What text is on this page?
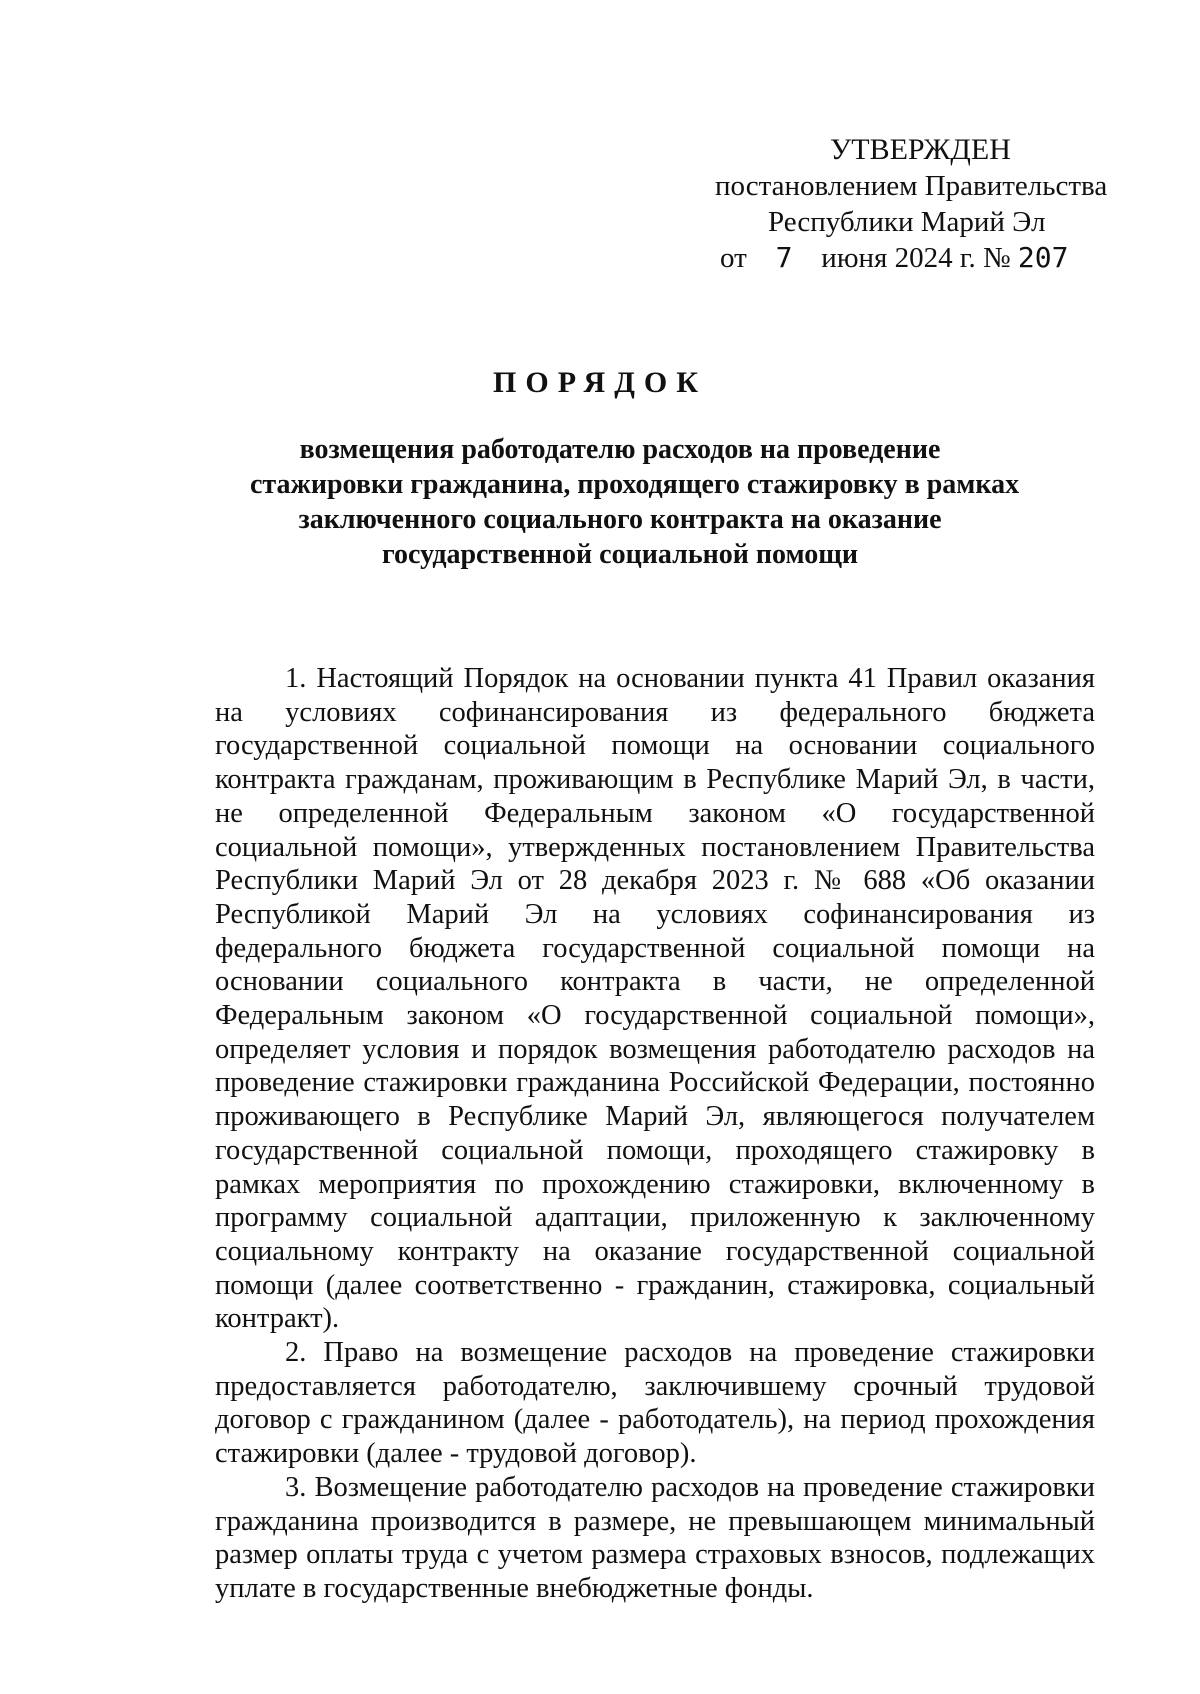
УТВЕРЖДЕН
постановлением Правительства
Республики Марий Эл
от 7 июня 2024 г. № 207
ПОРЯДОК
возмещения работодателю расходов на проведение
стажировки гражданина, проходящего стажировку в рамках
заключенного социального контракта на оказание
государственной социальной помощи

1. Настоящий Порядок на основании пункта 41 Правил оказания на условиях софинансирования из федерального бюджета государственной социальной помощи на основании социального контракта гражданам, проживающим в Республике Марий Эл, в части, не определенной Федеральным законом «О государственной социальной помощи», утвержденных постановлением Правительства Республики Марий Эл от 28 декабря 2023 г. № 688 «Об оказании Республикой Марий Эл на условиях софинансирования из федерального бюджета государственной социальной помощи на основании социального контракта в части, не определенной Федеральным законом «О государственной социальной помощи», определяет условия и порядок возмещения работодателю расходов на проведение стажировки гражданина Российской Федерации, постоянно проживающего в Республике Марий Эл, являющегося получателем государственной социальной помощи, проходящего стажировку в рамках мероприятия по прохождению стажировки, включенному в программу социальной адаптации, приложенную к заключенному социальному контракту на оказание государственной социальной помощи (далее соответственно - гражданин, стажировка, социальный контракт).

2. Право на возмещение расходов на проведение стажировки предоставляется работодателю, заключившему срочный трудовой договор с гражданином (далее - работодатель), на период прохождения стажировки (далее - трудовой договор).

3. Возмещение работодателю расходов на проведение стажировки гражданина производится в размере, не превышающем минимальный размер оплаты труда с учетом размера страховых взносов, подлежащих уплате в государственные внебюджетные фонды.
